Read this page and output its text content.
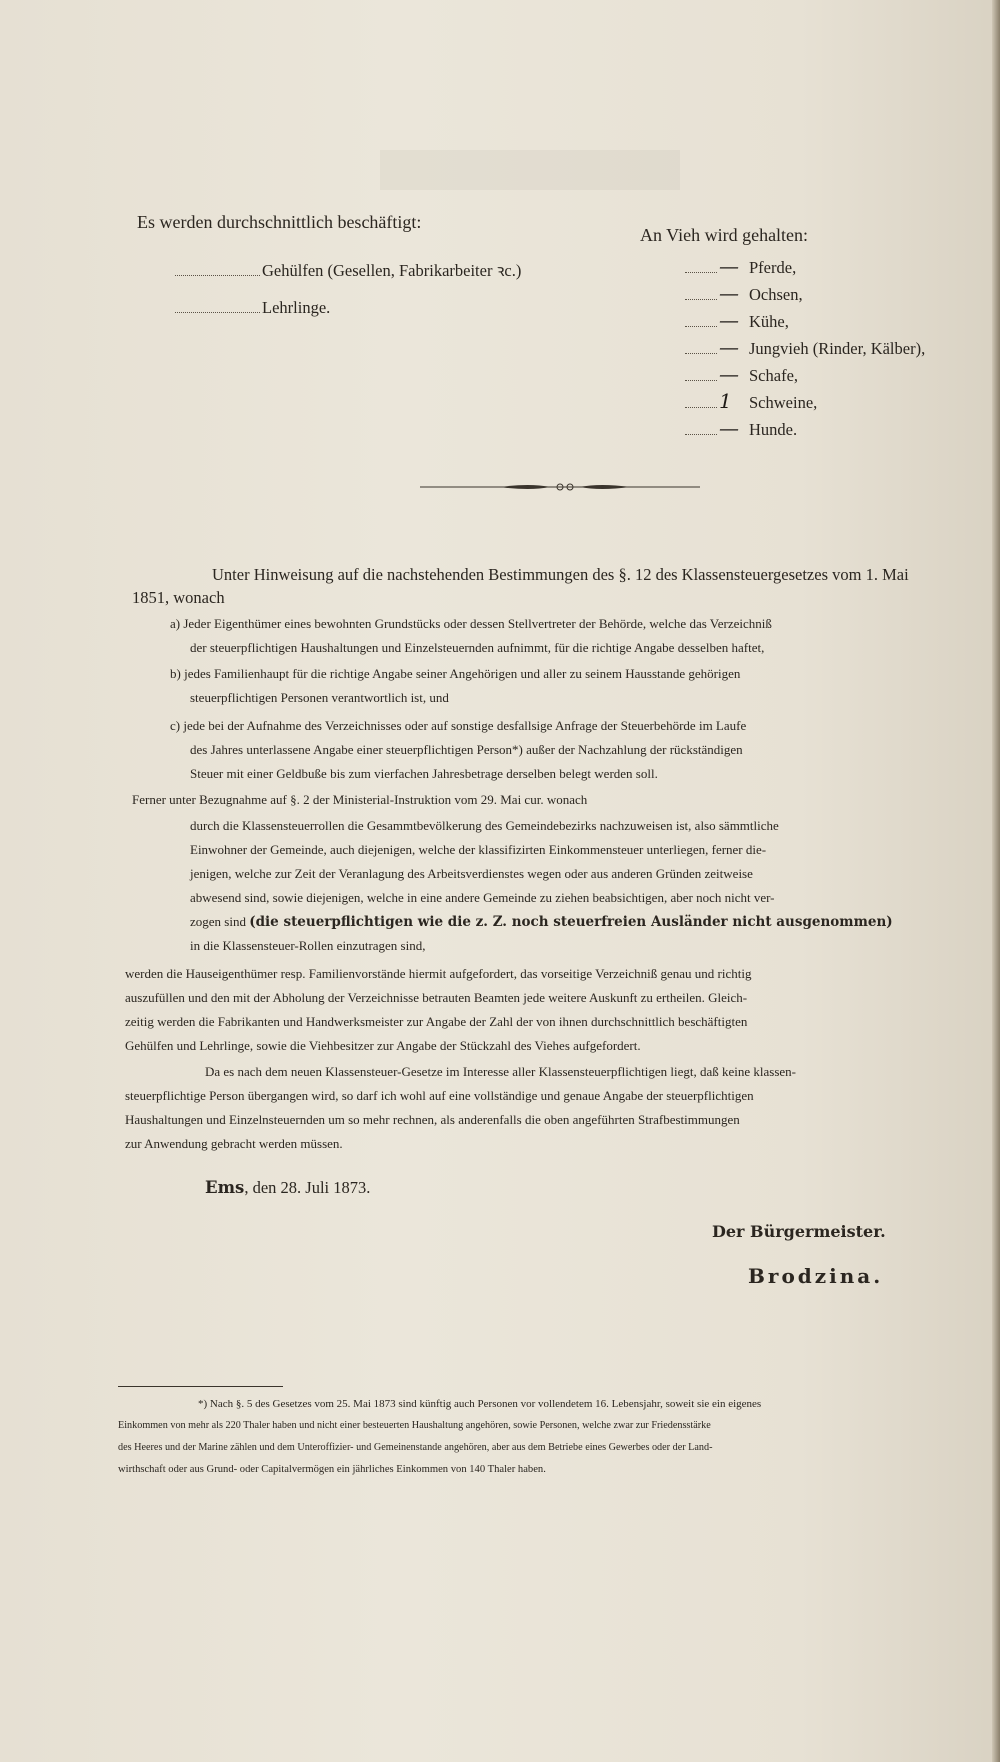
Es werden durchschnittlich beschäftigt:
Gehülfen (Gesellen, Fabrikarbeiter ꝛc.)
Lehrlinge.
An Vieh wird gehalten:
— Pferde,
— Ochsen,
— Kühe,
— Jungvieh (Rinder, Kälber),
— Schafe,
1 Schweine,
— Hunde.
Unter Hinweisung auf die nachstehenden Bestimmungen des §. 12 des Klassensteuergesetzes vom 1. Mai
1851, wonach
a) Jeder Eigenthümer eines bewohnten Grundstücks oder dessen Stellvertreter der Behörde, welche das Verzeichniß
der steuerpflichtigen Haushaltungen und Einzelsteuernden aufnimmt, für die richtige Angabe desselben haftet,
b) jedes Familienhaupt für die richtige Angabe seiner Angehörigen und aller zu seinem Hausstande gehörigen
steuerpflichtigen Personen verantwortlich ist, und
c) jede bei der Aufnahme des Verzeichnisses oder auf sonstige desfallsige Anfrage der Steuerbehörde im Laufe
des Jahres unterlassene Angabe einer steuerpflichtigen Person*) außer der Nachzahlung der rückständigen
Steuer mit einer Geldbuße bis zum vierfachen Jahresbetrage derselben belegt werden soll.
Ferner unter Bezugnahme auf §. 2 der Ministerial-Instruktion vom 29. Mai cur. wonach
durch die Klassensteuerrollen die Gesammtbevölkerung des Gemeindebezirks nachzuweisen ist, also sämmtliche
Einwohner der Gemeinde, auch diejenigen, welche der klassifizirten Einkommensteuer unterliegen, ferner die-
jenigen, welche zur Zeit der Veranlagung des Arbeitsverdienstes wegen oder aus anderen Gründen zeitweise
abwesend sind, sowie diejenigen, welche in eine andere Gemeinde zu ziehen beabsichtigen, aber noch nicht ver-
zogen sind (die steuerpflichtigen wie die z. Z. noch steuerfreien Ausländer nicht ausgenommen)
in die Klassensteuer-Rollen einzutragen sind,
werden die Hauseigenthümer resp. Familienvorstände hiermit aufgefordert, das vorseitige Verzeichniß genau und richtig
auszufüllen und den mit der Abholung der Verzeichnisse betrauten Beamten jede weitere Auskunft zu ertheilen. Gleich-
zeitig werden die Fabrikanten und Handwerksmeister zur Angabe der Zahl der von ihnen durchschnittlich beschäftigten
Gehülfen und Lehrlinge, sowie die Viehbesitzer zur Angabe der Stückzahl des Viehes aufgefordert.
Da es nach dem neuen Klassensteuer-Gesetze im Interesse aller Klassensteuerpflichtigen liegt, daß keine klassen-
steuerpflichtige Person übergangen wird, so darf ich wohl auf eine vollständige und genaue Angabe der steuerpflichtigen
Haushaltungen und Einzelnsteuernden um so mehr rechnen, als anderenfalls die oben angeführten Strafbestimmungen
zur Anwendung gebracht werden müssen.
Ems, den 28. Juli 1873.
Der Bürgermeister.
Brodzina.
*) Nach §. 5 des Gesetzes vom 25. Mai 1873 sind künftig auch Personen vor vollendetem 16. Lebensjahr, soweit sie ein eigenes
Einkommen von mehr als 220 Thaler haben und nicht einer besteuerten Haushaltung angehören, sowie Personen, welche zwar zur Friedensstärke
des Heeres und der Marine zählen und dem Unteroffizier- und Gemeinenstande angehören, aber aus dem Betriebe eines Gewerbes oder der Land-
wirthschaft oder aus Grund- oder Capitalvermögen ein jährliches Einkommen von 140 Thaler haben.
